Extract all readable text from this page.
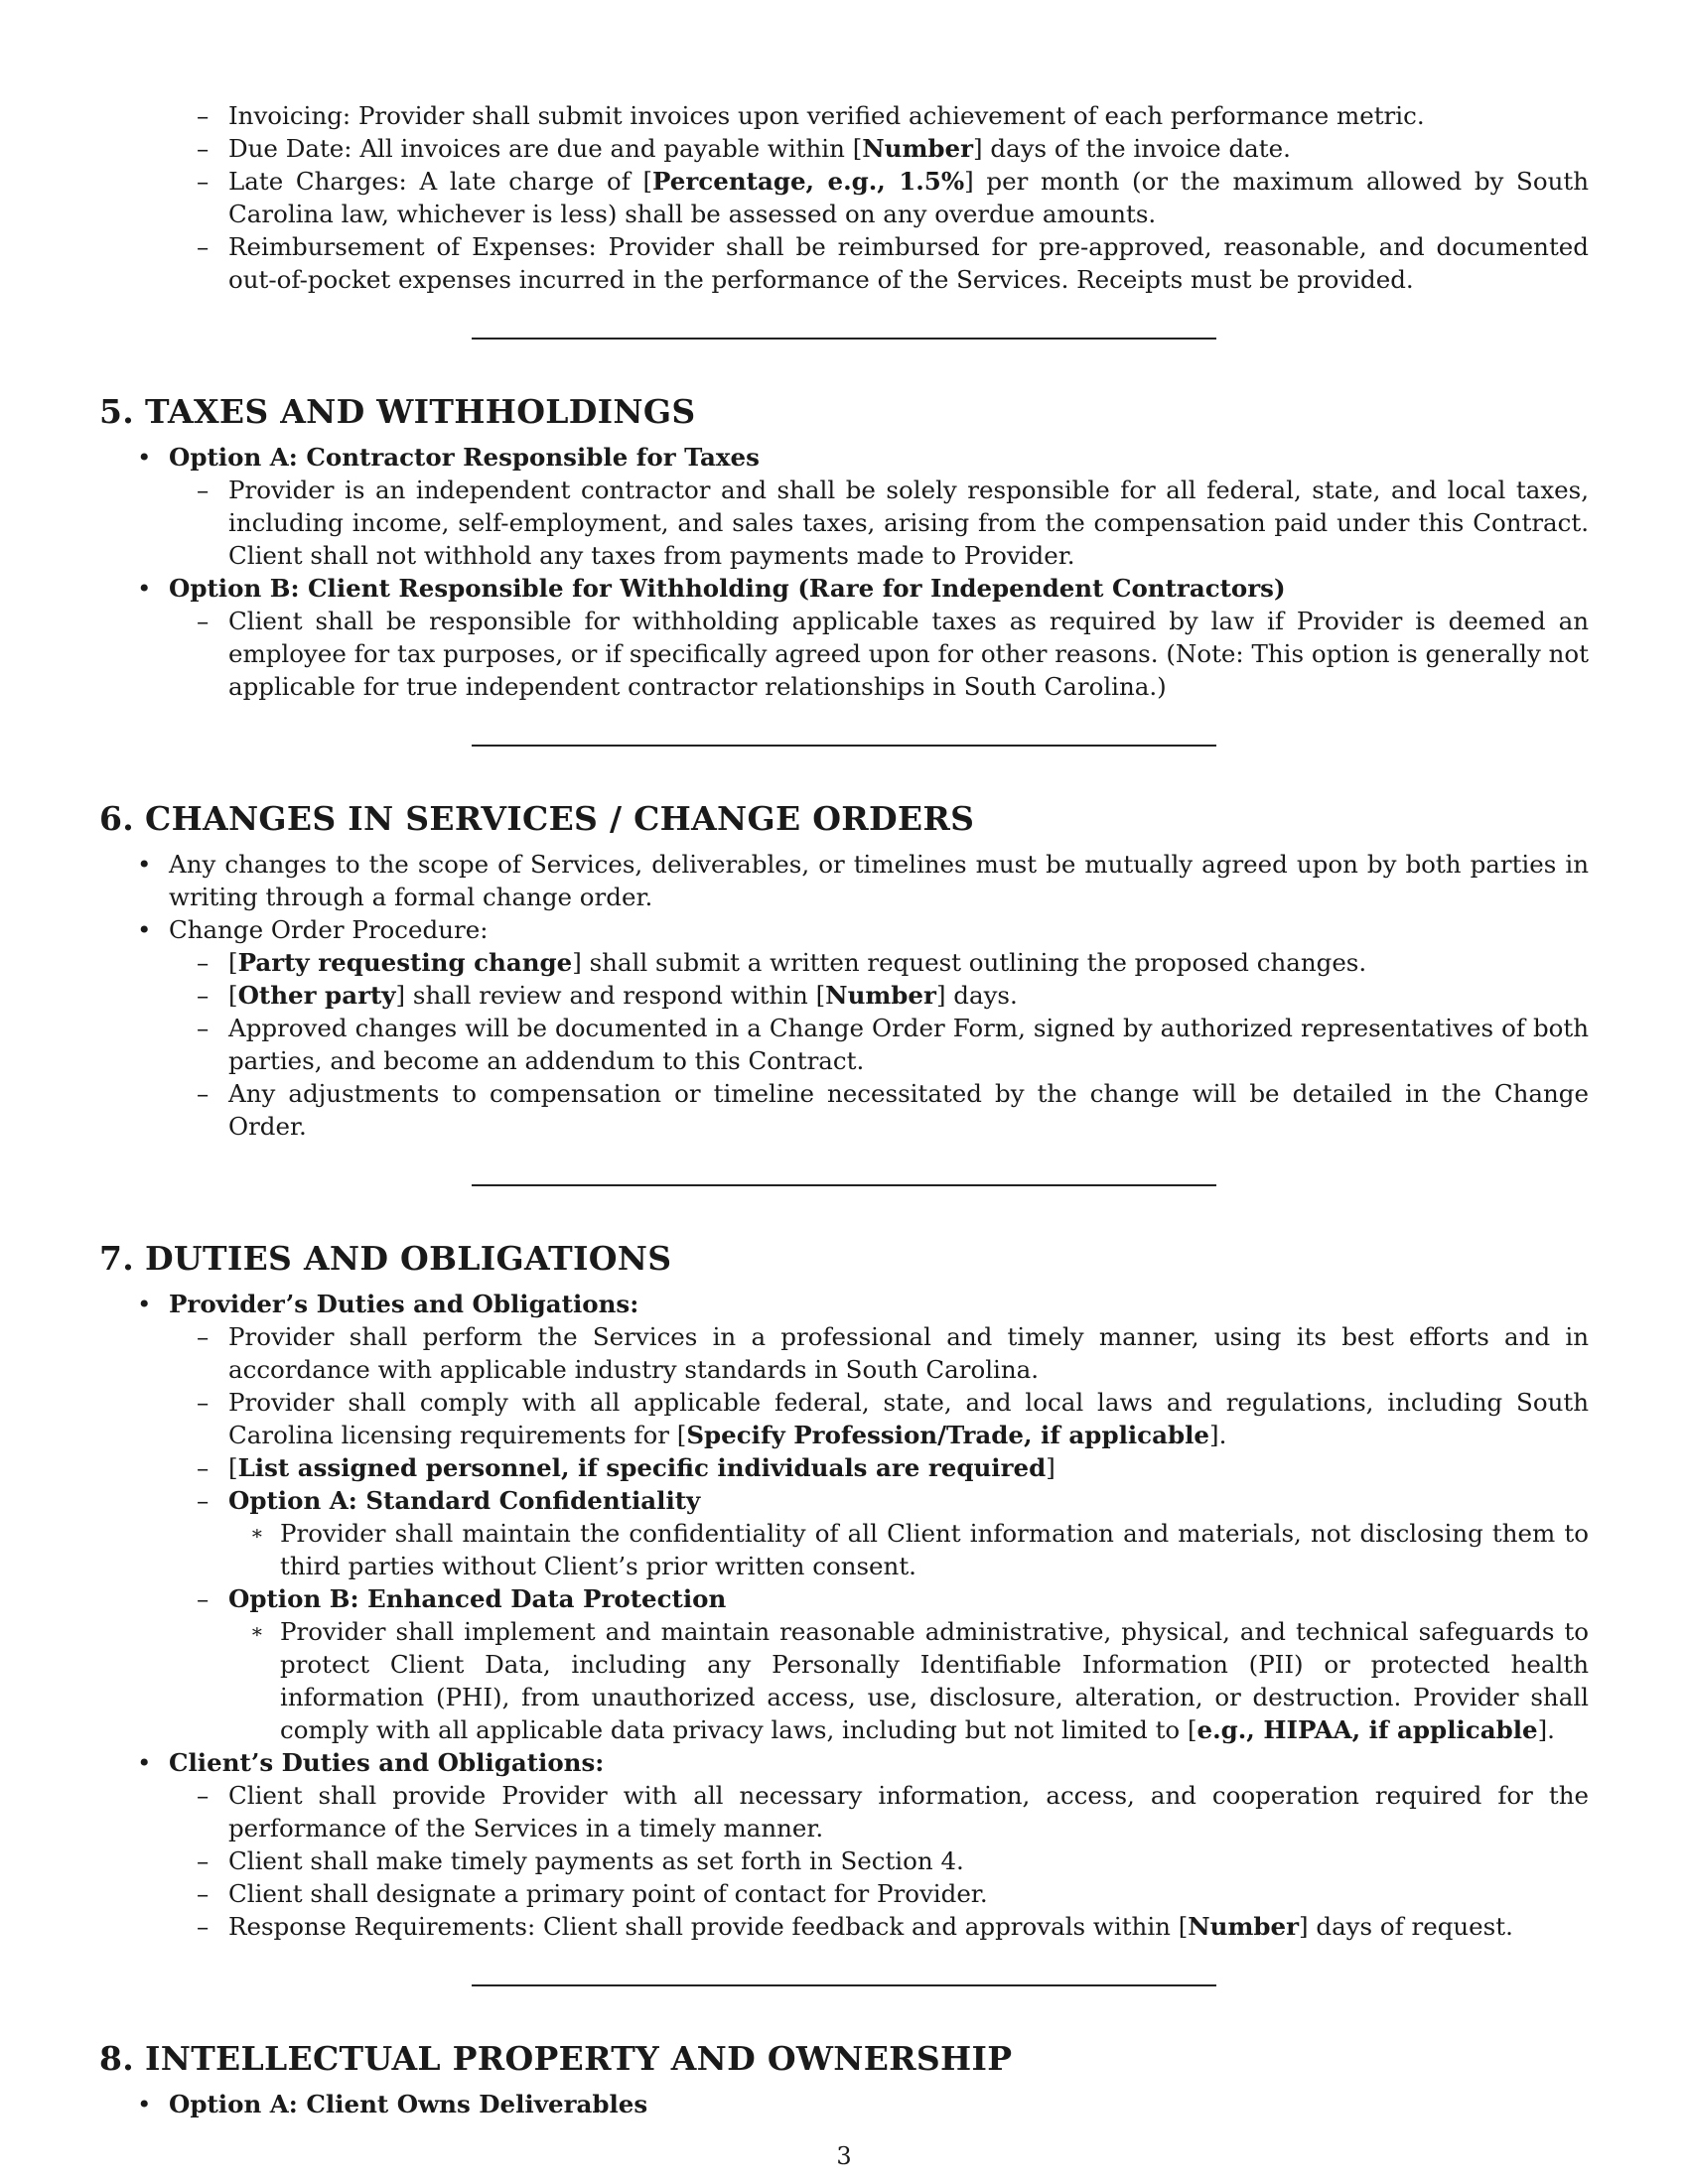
– Invoicing: Provider shall submit invoices upon verified achievement of each performance metric.
– Due Date: All invoices are due and payable within [Number] days of the invoice date.
– Late Charges: A late charge of [Percentage, e.g., 1.5%] per month (or the maximum allowed by South Carolina law, whichever is less) shall be assessed on any overdue amounts.
– Reimbursement of Expenses: Provider shall be reimbursed for pre-approved, reasonable, and documented out-of-pocket expenses incurred in the performance of the Services. Receipts must be provided.
5. TAXES AND WITHHOLDINGS
• Option A: Contractor Responsible for Taxes
– Provider is an independent contractor and shall be solely responsible for all federal, state, and local taxes, including income, self-employment, and sales taxes, arising from the compensation paid under this Contract. Client shall not withhold any taxes from payments made to Provider.
• Option B: Client Responsible for Withholding (Rare for Independent Contractors)
– Client shall be responsible for withholding applicable taxes as required by law if Provider is deemed an employee for tax purposes, or if specifically agreed upon for other reasons. (Note: This option is generally not applicable for true independent contractor relationships in South Carolina.)
6. CHANGES IN SERVICES / CHANGE ORDERS
• Any changes to the scope of Services, deliverables, or timelines must be mutually agreed upon by both parties in writing through a formal change order.
• Change Order Procedure:
– [Party requesting change] shall submit a written request outlining the proposed changes.
– [Other party] shall review and respond within [Number] days.
– Approved changes will be documented in a Change Order Form, signed by authorized representatives of both parties, and become an addendum to this Contract.
– Any adjustments to compensation or timeline necessitated by the change will be detailed in the Change Order.
7. DUTIES AND OBLIGATIONS
• Provider’s Duties and Obligations:
– Provider shall perform the Services in a professional and timely manner, using its best efforts and in accordance with applicable industry standards in South Carolina.
– Provider shall comply with all applicable federal, state, and local laws and regulations, including South Carolina licensing requirements for [Specify Profession/Trade, if applicable].
– [List assigned personnel, if specific individuals are required]
– Option A: Standard Confidentiality
∗ Provider shall maintain the confidentiality of all Client information and materials, not disclosing them to third parties without Client’s prior written consent.
– Option B: Enhanced Data Protection
∗ Provider shall implement and maintain reasonable administrative, physical, and technical safeguards to protect Client Data, including any Personally Identifiable Information (PII) or protected health information (PHI), from unauthorized access, use, disclosure, alteration, or destruction. Provider shall comply with all applicable data privacy laws, including but not limited to [e.g., HIPAA, if applicable].
• Client’s Duties and Obligations:
– Client shall provide Provider with all necessary information, access, and cooperation required for the performance of the Services in a timely manner.
– Client shall make timely payments as set forth in Section 4.
– Client shall designate a primary point of contact for Provider.
– Response Requirements: Client shall provide feedback and approvals within [Number] days of request.
8. INTELLECTUAL PROPERTY AND OWNERSHIP
• Option A: Client Owns Deliverables
3
